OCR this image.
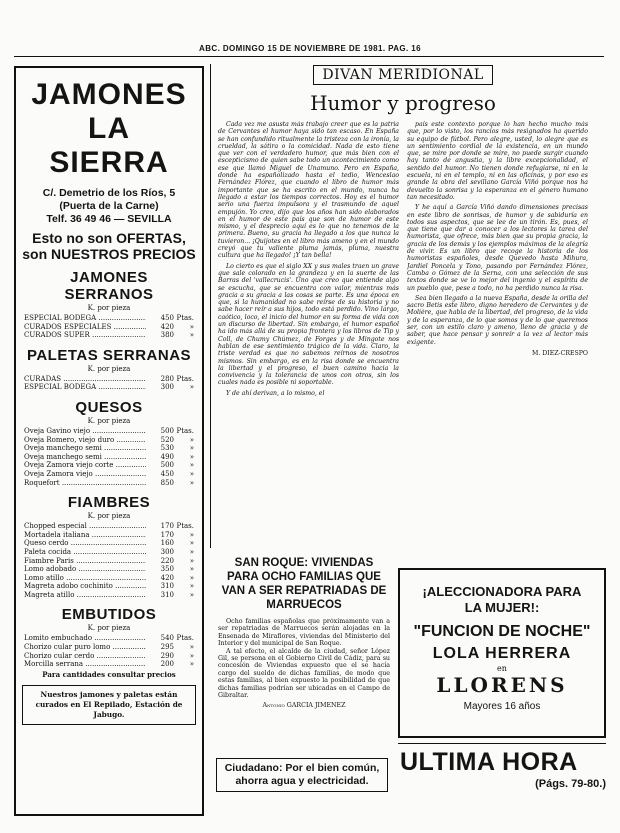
ABC. DOMINGO 15 DE NOVIEMBRE DE 1981. PAG. 16
JAMONES
LA
SIERRA
C/. Demetrio de los Ríos, 5
(Puerta de la Carne)
Telf. 36 49 46 — SEVILLA
Esto no son OFERTAS,
son NUESTROS PRECIOS
JAMONES SERRANOS
K. por pieza
ESPECIAL BODEGA .....	450 Ptas.
CURADOS ESPECIALES .....	420	»
CURADOS SUPER .....	380	»
PALETAS SERRANAS
K. por pieza
CURADAS .....	280 Ptas.
ESPECIAL BODEGA .....	300	»
QUESOS
K. por pieza
Oveja Gavino viejo .....	500 Ptas.
Oveja Romero, viejo duro .....	520	»
Oveja manchego semi .....	530	»
Oveja manchego semi .....	490	»
Oveja Zamora viejo corte .....	500	»
Oveja Zamora viejo .....	450	»
Roquefort .....	850	»
FIAMBRES
K. por pieza
Chopped especial .....	170 Ptas.
Mortadela italiana .....	170	»
Queso cerdo .....	160	»
Paleta cocida .....	300	»
Fiambre Paris .....	220	»
Lomo adobado .....	350	»
Lomo atillo .....	420	»
Magreta adobo cochinito .....	310	»
Magreta atillo .....	310	»
EMBUTIDOS
K. por pieza
Lomito embuchado .....	540 Ptas.
Chorizo cular puro lomo .....	295	»
Chorizo cular cerdo .....	290	»
Morcilla serrana .....	200	»
Para cantidades consultar precios
Nuestros jamones y paletas están curados en El Repilado, Estación de Jabugo.
DIVAN MERIDIONAL
Humor y progreso

Cada vez me asusta más trabajo creer que es la patria de Cervantes el humor haya sido tan escaso. En España se han confundido ritualmente la tristeza con la ironía, la crueldad, la sátira o la comicidad. Nada de esto tiene que ver con el verdadero humor, que más bien con el escepticismo de quien sabe todo un acontecimiento como ese que llamó Miguel de Unamuno. Pero en España, donde ha españolizado hasta el tedio, Wenceslao Fernández Flórez, que cuando el libro de humor más importante que se ha escrito en el mundo, nunca ha llegado a estar los tiempos correctos. Hoy es el humor serio una fuerza impulsora y el trasmundo de aquel empujón. Yo creo, dijo que los años han sido elaborados en el humor de este país que son de humor de este mismo, y el desprecio aquí es lo que no tenemos de la primera. Bueno, su gracia ha llegado a los que nunca la tuvieron... ¡Quijotes en el libro más ameno y en el mundo creyó que tu valiente pluma jamás, pluma, nuestra cultura que ha llegado! ¡Y tan bella!

Lo cierto es que el siglo XX y sus males traen un grave que sale colorado en la grandeza y en la suerte de las Barras del 'vallecrucis'. Uno que creo que entiende algo se escucha, que se encuentra con valor, mientras más gracia a su gracia a las cosas se parte. Es una época en que, si la humanidad no sabe reírse de su historia y no sabe hacer reír a sus hijos, todo está perdido. Vino largo, caótico, loco, el inicio del humor en su forma de vida con un discurso de libertad. Sin embargo, el humor español ha ido más allá de su propia frontera y los libros de Tip y Coll, de Chumy Chúmez, de Forges y de Mingote nos hablan de ese sentimiento trágico de la vida. Claro, la triste verdad es que no sabemos reírnos de nosotros mismos. Sin embargo, es en la risa donde se encuentra la libertad y el progreso, el buen camino hacia la convivencia y la tolerancia de unos con otros, sin los cuales nada es posible ni soportable.

Y de ahí derivan, a lo mismo, el

país este contexto porque lo han hecho mucho más que, por lo visto, los rancios más resignados ha querido su equipo de fútbol. Pero alegre, usted, lo alegre que es un sentimiento cordial de la existencia, en un mundo que, se mire por donde se mire, no puede surgir cuando hay tanto de angustia, y la libre excepcionalidad, el sentido del humor. No tienen donde refugiarse, ni en la escuela, ni en el templo, ni en las oficinas, y por eso es grande la obra del sevillano García Viñó porque nos ha devuelto la sonrisa y la esperanza en el género humano tan necesitado.

Y he aquí a García Viñó dando dimensiones precisas en este libro de sonrisas, de humor y de sabiduría en todos sus aspectos, que se lee de un tirón. Es, pues, el que tiene que dar a conocer a los lectores la tarea del humorista, que ofrece, más bien que su propia gracia, la gracia de los demás y los ejemplos máximos de la alegría de vivir. Es un libro que recoge la historia de los humoristas españoles, desde Quevedo hasta Mihura, Jardiel Poncela y Tono, pasando por Fernández Flórez, Camba o Gómez de la Serna, con una selección de sus textos donde se ve lo mejor del ingenio y el espíritu de un pueblo que, pese a todo, no ha perdido nunca la risa.

Sea bien llegado a la nueva España, desde la orilla del sacro Betis este libro, digno heredero de Cervantes y de Molière, que habla de la libertad, del progreso, de la vida y de la esperanza, de lo que somos y de lo que queremos ser, con un estilo claro y ameno, lleno de gracia y de saber, que hace pensar y sonreír a la vez al lector más exigente.

M. DIEZ-CRESPO

SAN ROQUE: VIVIENDAS PARA OCHO FAMILIAS QUE VAN A SER REPATRIADAS DE MARRUECOS

Ocho familias españolas que próximamente van a ser repatriadas de Marruecos serán alojadas en la Ensenada de Miraflores, viviendas del Ministerio del Interior y del municipal de San Roque.

A tal efecto, el alcalde de la ciudad, señor López Gil, se persona en el Gobierno Civil de Cádiz, para su concesión de Viviendas expuesto que el se hacía cargo del sueldo de dichas familias, de modo que estas familias, al bien expuesto la posibilidad de que dichas familias podrían ser ubicadas en el Campo de Gibraltar.

Antonio GARCIA JIMENEZ
Ciudadano: Por el bien común,
ahorra agua y electricidad.
¡ALECCIONADORA PARA
LA MUJER!:
"FUNCION DE NOCHE"
LOLA HERRERA
en
LLORENS
Mayores 16 años
ULTIMA HORA
(Págs. 79-80.)
